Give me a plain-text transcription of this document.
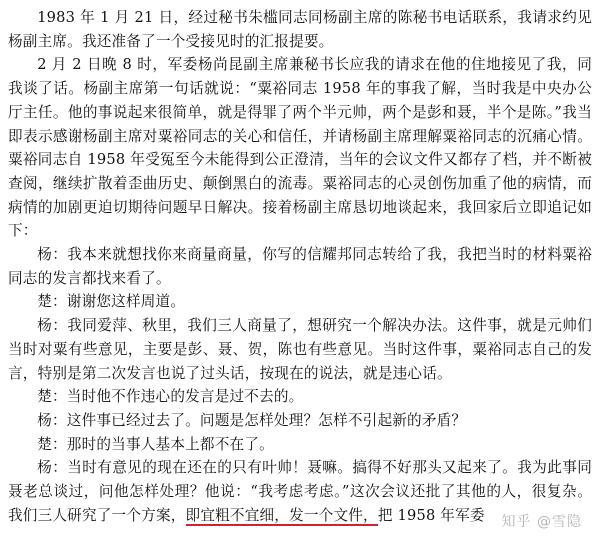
1983 年 1 月 21 日，经过秘书朱槛同志同杨副主席的陈秘书电话联系，我请求约见杨副主席。我还准备了一个受接见时的汇报提要。

2 月 2 日晚 8 时，军委杨尚昆副主席兼秘书长应我的请求在他的住地接见了我，同我谈了话。杨副主席第一句话就说：“粟裕同志 1958 年的事我了解，当时我是中央办公厅主任。他的事说起来很简单，就是得罪了两个半元帅，两个是彭和聂，半个是陈。”我当即表示感谢杨副主席对粟裕同志的关心和信任，并请杨副主席理解粟裕同志的沉痛心情。粟裕同志自 1958 年受冤至今未能得到公正澄清，当年的会议文件又都存了档，并不断被查阅，继续扩散着歪曲历史、颠倒黑白的流毒。粟裕同志的心灵创伤加重了他的病情，而病情的加剧更迫切期待问题早日解决。接着杨副主席恳切地谈起来，我回家后立即追记如下：

杨：我本来就想找你来商量商量，你写的信耀邦同志转给了我，我把当时的材料粟裕同志的发言都找来看了。

楚：谢谢您这样周道。

杨：我同爱萍、秋里，我们三人商量了，想研究一个解决办法。这件事，就是元帅们当时对粟有些意见，主要是彭、聂、贺，陈也有些意见。当时这件事，粟裕同志自己的发言，特别是第二次发言也说了过头话，按现在的说法，就是违心话。

楚：当时他不作违心的发言是过不去的。

杨：这件事已经过去了。问题是怎样处理？怎样不引起新的矛盾？

楚：那时的当事人基本上都不在了。

杨：当时有意见的现在还在的只有叶帅！聂嘛。搞得不好那头又起来了。我为此事同聂老总谈过，问他怎样处理？他说：“我考虑考虑。”这次会议还批了其他的人，很复杂。我们三人研究了一个方案，即宜粗不宜细，发一个文件，把 1958 年军委	知乎 @雪隐
